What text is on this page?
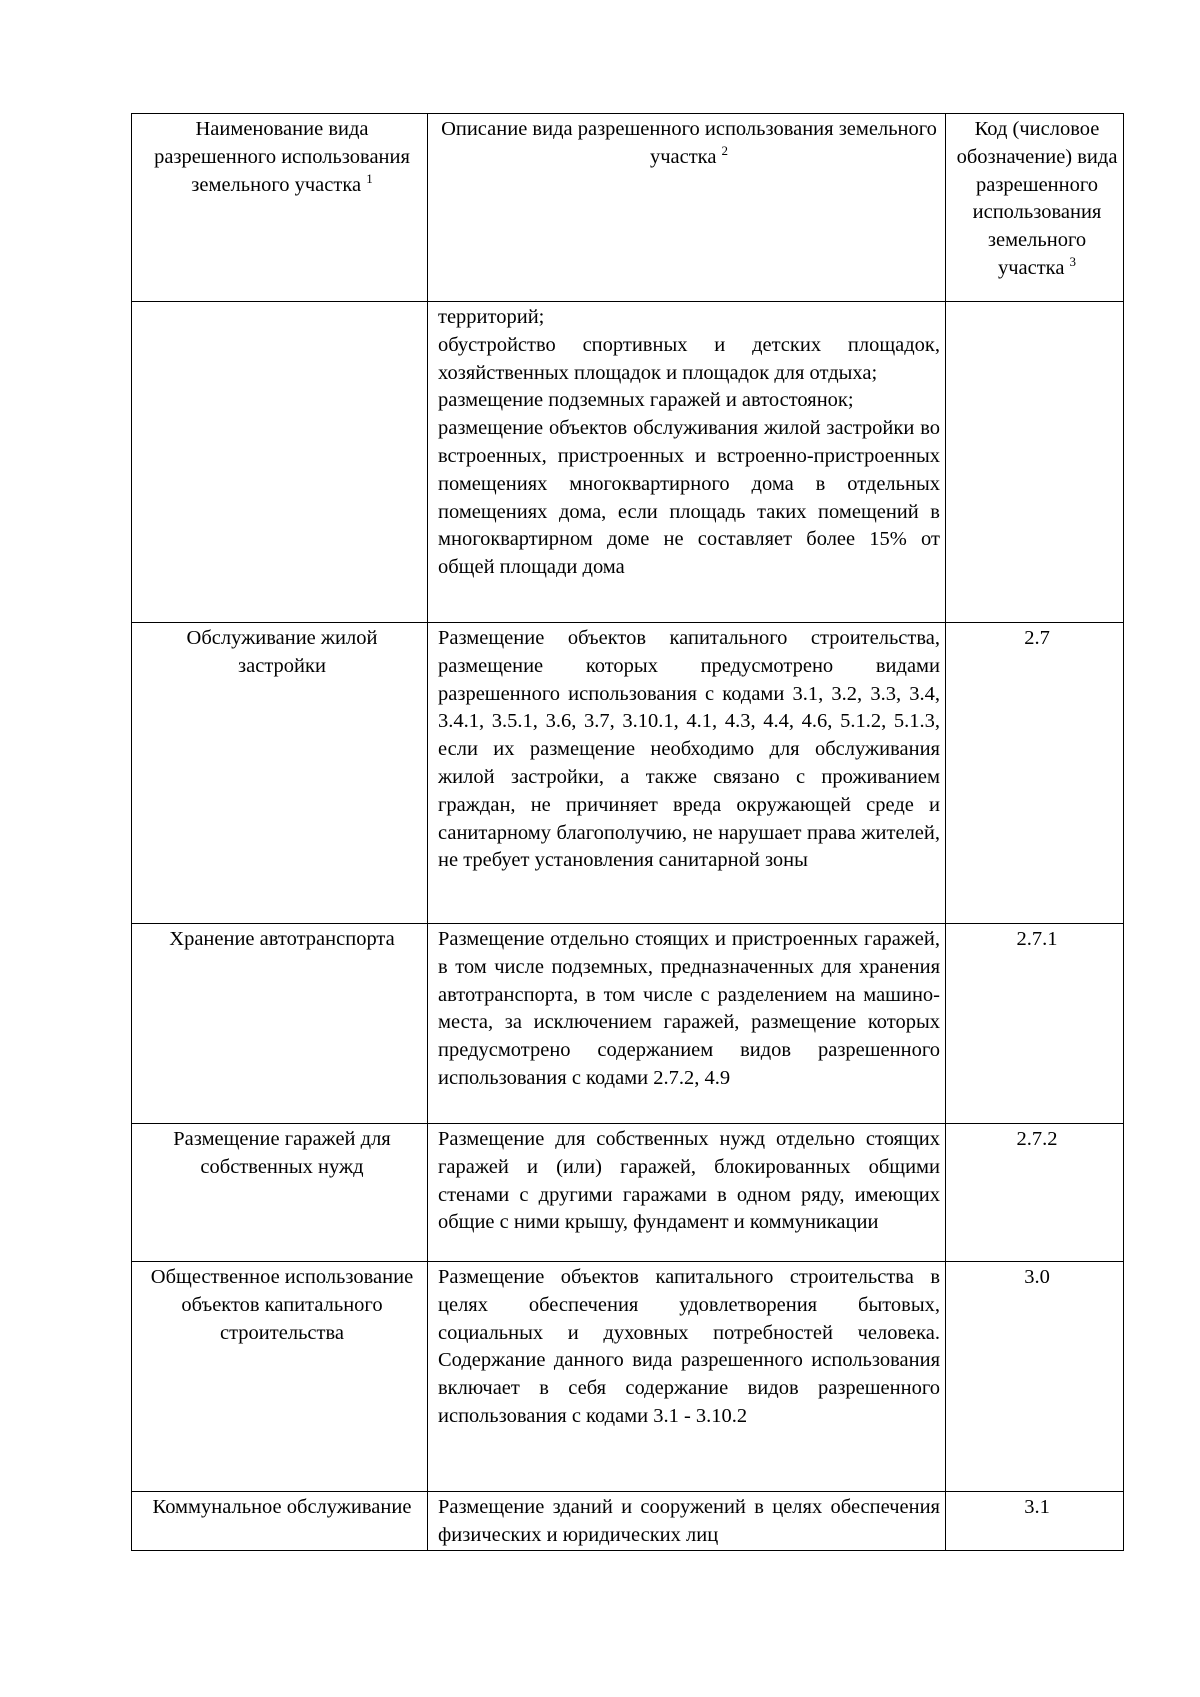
Наименование вида разрешенного использования земельного участка $^1$	Описание вида разрешенного использования земельного участка $^2$	Код (числовое обозначение) вида разрешенного использования земельного участка $^3$

	территорий;
обустройство спортивных и детских площадок, хозяйственных площадок и площадок для отдыха;
размещение подземных гаражей и автостоянок;
размещение объектов обслуживания жилой застройки во встроенных, пристроенных и встроенно-пристроенных помещениях многоквартирного дома в отдельных помещениях дома, если площадь таких помещений в многоквартирном доме не составляет более 15% от общей площади дома	

Обслуживание жилой застройки	Размещение объектов капитального строительства, размещение которых предусмотрено видами разрешенного использования с кодами 3.1, 3.2, 3.3, 3.4, 3.4.1, 3.5.1, 3.6, 3.7, 3.10.1, 4.1, 4.3, 4.4, 4.6, 5.1.2, 5.1.3, если их размещение необходимо для обслуживания жилой застройки, а также связано с проживанием граждан, не причиняет вреда окружающей среде и санитарному благополучию, не нарушает права жителей, не требует установления санитарной зоны	2.7
Хранение автотранспорта	Размещение отдельно стоящих и пристроенных гаражей, в том числе подземных, предназначенных для хранения автотранспорта, в том числе с разделением на машино-места, за исключением гаражей, размещение которых предусмотрено содержанием видов разрешенного использования с кодами 2.7.2, 4.9	2.7.1
Размещение гаражей для собственных нужд	Размещение для собственных нужд отдельно стоящих гаражей и (или) гаражей, блокированных общими стенами с другими гаражами в одном ряду, имеющих общие с ними крышу, фундамент и коммуникации	2.7.2
Общественное использование объектов капитального строительства	Размещение объектов капитального строительства в целях обеспечения удовлетворения бытовых, социальных и духовных потребностей человека. Содержание данного вида разрешенного использования включает в себя содержание видов разрешенного использования с кодами 3.1 - 3.10.2	3.0
Коммунальное обслуживание	Размещение зданий и сооружений в целях обеспечения физических и юридических лиц	3.1
